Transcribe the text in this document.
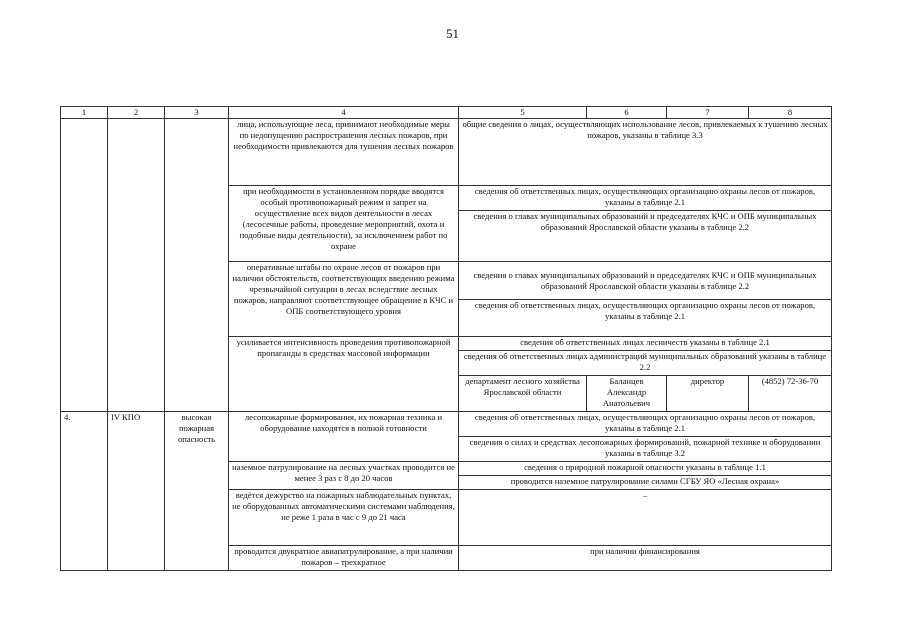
51
1	2	3	4	5	6	7	8
			лица, использующие леса, принимают необходимые меры по недопущению распространения лесных пожаров, при необходимости привлекаются для тушения лесных пожаров	общие сведения о лицах, осуществляющих использование лесов, привлекаемых к тушению лесных пожаров, указаны в таблице 3.3			
			при необходимости в установленном порядке вводятся особый противопожарный режим и запрет на осуществление всех видов деятельности в лесах (лесосечные работы, проведение мероприятий, охота и подобные виды деятельности), за исключением работ по охране	сведения об ответственных лицах, осуществляющих организацию охраны лесов от пожаров, указаны в таблице 2.1			
				сведения о главах муниципальных образований и председателях КЧС и ОПБ муниципальных образований Ярославской области указаны в таблице 2.2			
			оперативные штабы по охране лесов от пожаров при наличии обстоятельств, соответствующих введению режима чрезвычайной ситуации в лесах вследствие лесных пожаров, направляют соответствующее обращение в КЧС и ОПБ соответствующего уровня	сведения о главах муниципальных образований и председателях КЧС и ОПБ муниципальных образований Ярославской области указаны в таблице 2.2			
				сведения об ответственных лицах, осуществляющих организацию охраны лесов от пожаров, указаны в таблице 2.1			
			усиливается интенсивность проведения противопожарной пропаганды в средствах массовой информации	сведения об ответственных лицах лесничеств указаны в таблице 2.1			
				сведения об ответственных лицах администраций муниципальных образований указаны в таблице 2.2			
				департамент лесного хозяйства Ярославской области	Баланцев Александр Анатольевич	директор	(4852) 72-36-70
4.	IV КПО	высокая пожарная опасность	лесопожарные формирования, их пожарная техника и оборудование находятся в полной готовности	сведения об ответственных лицах, осуществляющих организацию охраны лесов от пожаров, указаны в таблице 2.1			
				сведения о силах и средствах лесопожарных формирований, пожарной технике и оборудовании указаны в таблице 3.2			
			наземное патрулирование на лесных участках проводится не менее 3 раз с 8 до 20 часов	сведения о природной пожарной опасности указаны в таблице 1.1			
				проводится наземное патрулирование силами СГБУ ЯО «Лесная охрана»			
			ведётся дежурство на пожарных наблюдательных пунктах, не оборудованных автоматическими системами наблюдения, не реже 1 раза в час с 9 до 21 часа	–			
			проводится двукратное авиапатрулирование, а при наличии пожаров – трехкратное	при наличии финансирования			
